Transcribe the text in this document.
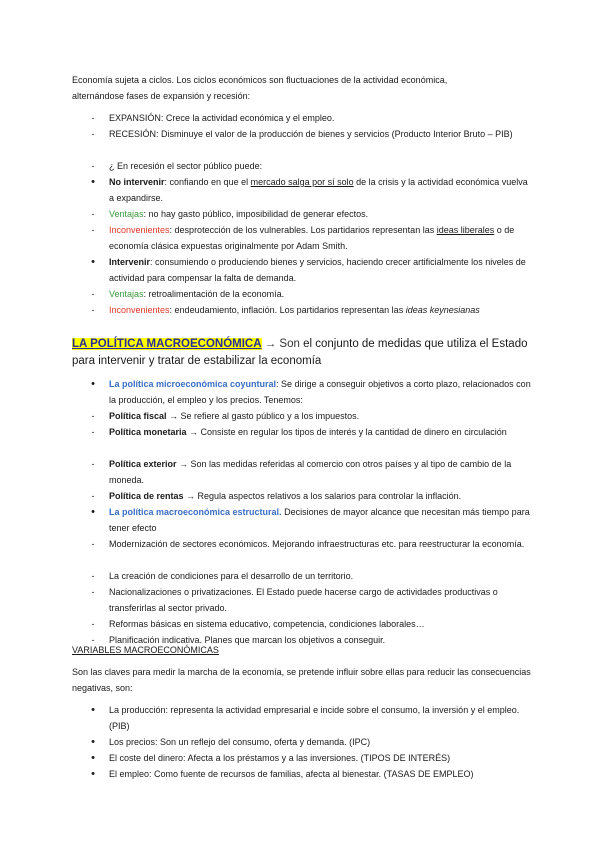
Economía sujeta a ciclos. Los ciclos económicos son fluctuaciones de la actividad económica,
alternándose fases de expansión y recesión:

-	EXPANSIÓN: Crece la actividad económica y el empleo.
-	RECESIÓN: Disminuye el valor de la producción de bienes y servicios (Producto Interior Bruto – PIB)
-	¿ En recesión el sector público puede:
•	No intervenir: confiando en que el mercado salga por sí solo de la crisis y la actividad económica vuelva a expandirse.
-	Ventajas: no hay gasto público, imposibilidad de generar efectos.
-	Inconvenientes: desprotección de los vulnerables. Los partidarios representan las ideas liberales o de economía clásica expuestas originalmente por Adam Smith.
•	Intervenir: consumiendo o produciendo bienes y servicios, haciendo crecer artificialmente los niveles de actividad para compensar la falta de demanda.
-	Ventajas: retroalimentación de la economía.
-	Inconvenientes: endeudamiento, inflación. Los partidarios representan las ideas keynesianas
LA POLÍTICA MACROECONÓMICA → Son el conjunto de medidas que utiliza el Estado para intervenir y tratar de estabilizar la economía
•	La política microeconómica coyuntural: Se dirige a conseguir objetivos a corto plazo, relacionados con la producción, el empleo y los precios. Tenemos:
-	Política fiscal → Se refiere al gasto público y a los impuestos.
-	Política monetaria → Consiste en regular los tipos de interés y la cantidad de dinero en circulación
-	Política exterior → Son las medidas referidas al comercio con otros países y al tipo de cambio de la moneda.
-	Política de rentas → Regula aspectos relativos a los salarios para controlar la inflación.
•	La política macroeconómica estructural. Decisiones de mayor alcance que necesitan más tiempo para tener efecto
-	Modernización de sectores económicos. Mejorando infraestructuras etc. para reestructurar la economía.
-	La creación de condiciones para el desarrollo de un territorio.
-	Nacionalizaciones o privatizaciones. El Estado puede hacerse cargo de actividades productivas o transferirlas al sector privado.
-	Reformas básicas en sistema educativo, competencia, condiciones laborales…
-	Planificación indicativa. Planes que marcan los objetivos a conseguir.
VARIABLES MACROECONÓMICAS

Son las claves para medir la marcha de la economía, se pretende influir sobre ellas para reducir las consecuencias negativas, son:

•	La producción: representa la actividad empresarial e incide sobre el consumo, la inversión y el empleo. (PIB)
•	Los precios: Son un reflejo del consumo, oferta y demanda. (IPC)
•	El coste del dinero: Afecta a los préstamos y a las inversiones. (TIPOS DE INTERÉS)
•	El empleo: Como fuente de recursos de familias, afecta al bienestar. (TASAS DE EMPLEO)
